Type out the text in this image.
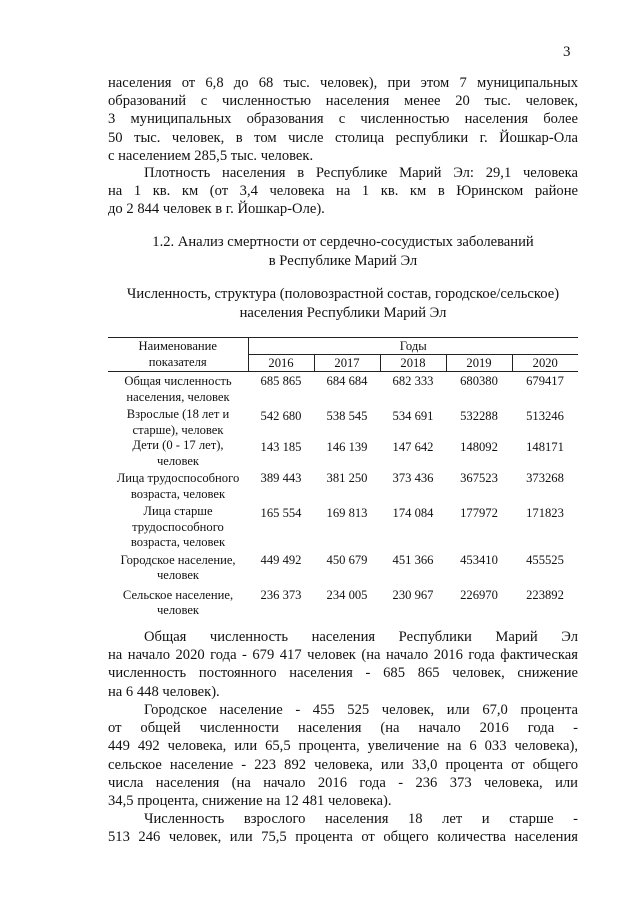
3
населения от 6,8 до 68 тыс. человек), при этом 7 муниципальных
образований с численностью населения менее 20 тыс. человек,
3 муниципальных образования с численностью населения более
50 тыс. человек, в том числе столица республики г. Йошкар-Ола
с населением 285,5 тыс. человек.
Плотность населения в Республике Марий Эл: 29,1 человека
на 1 кв. км (от 3,4 человека на 1 кв. км в Юринском районе
до 2 844 человек в г. Йошкар-Оле).
1.2. Анализ смертности от сердечно-сосудистых заболеваний
в Республике Марий Эл
Численность, структура (половозрастной состав, городское/сельское)
населения Республики Марий Эл
Наименование показателя	Годы				
	2016	2017	2018	2019	2020
Общая численность населения, человек	685 865	684 684	682 333	680380	679417
Взрослые (18 лет и старше), человек	542 680	538 545	534 691	532288	513246
Дети (0 - 17 лет), человек	143 185	146 139	147 642	148092	148171
Лица трудоспособного возраста, человек	389 443	381 250	373 436	367523	373268
Лица старше трудоспособного возраста, человек	165 554	169 813	174 084	177972	171823
Городское население, человек	449 492	450 679	451 366	453410	455525
Сельское население, человек	236 373	234 005	230 967	226970	223892
Общая численность населения Республики Марий Эл
на начало 2020 года - 679 417 человек (на начало 2016 года фактическая
численность постоянного населения - 685 865 человек, снижение
на 6 448 человек).
Городское население - 455 525 человек, или 67,0 процента
от общей численности населения (на начало 2016 года -
449 492 человека, или 65,5 процента, увеличение на 6 033 человека),
сельское население - 223 892 человека, или 33,0 процента от общего
числа населения (на начало 2016 года - 236 373 человека, или
34,5 процента, снижение на 12 481 человека).
Численность взрослого населения 18 лет и старше -
513 246 человек, или 75,5 процента от общего количества населения
